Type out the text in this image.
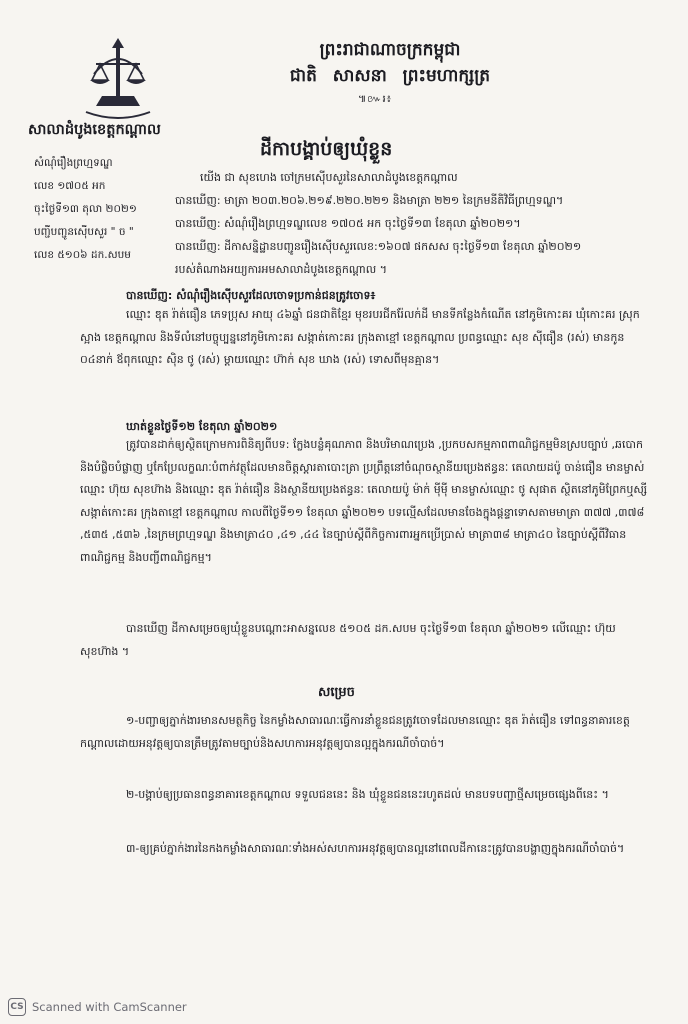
ព្រះរាជាណាចក្រកម្ពុជា
ជាតិ សាសនា ព្រះមហាក្សត្រ
៕៚៛៖
សាលាដំបូងខេត្តកណ្ដាល
ដីកាបង្គាប់ឲ្យឃុំខ្លួន
សំណុំរឿងព្រហ្មទណ្ឌ
លេខ ១៧០៥ អក
ចុះថ្ងៃទី១៣ តុលា ២០២១
បញ្ជីបញ្ជូនស៊ើបសួរ " ច "
លេខ ៥១០៦ ដក.សបម
យើង ជា សុខហេង ចៅក្រមស៊ើបសួរនៃសាលាដំបូងខេត្តកណ្ដាល
បានឃើញ: មាត្រា ២០៣.២០៦.២១៩.២២០.២២១ និងមាត្រា ២២១ នៃក្រមនីតិវិធីព្រហ្មទណ្ឌ។
បានឃើញ: សំណុំរឿងព្រហ្មទណ្ឌលេខ ១៧០៥ អក ចុះថ្ងៃទី១៣ ខែតុលា ឆ្នាំ២០២១។
បានឃើញ: ដីកាសន្និដ្ឋានបញ្ជូនរឿងស៊ើបសួរលេខ:១៦០៧ ផកសស ចុះថ្ងៃទី១៣ ខែតុលា ឆ្នាំ២០២១
របស់តំណាងអយ្យការអមសាលាដំបូងខេត្តកណ្ដាល ។
បានឃើញ: សំណុំរឿងស៊ើបសួរដែលចោទប្រកាន់ជនត្រូវចោទ៖
ឈ្មោះ ឌុត រ៉ាត់ធឿន ភេទប្រុស អាយុ ៤៦ឆ្នាំ ជនជាតិខ្មែរ មុខរបរជីករ៉ែលក់ដី មានទីកន្លែងកំណើត នៅភូមិកោះគរ ឃុំកោះគរ ស្រុកស្អាង ខេត្តកណ្ដាល និងទីលំនៅបច្ចុប្បន្ននៅភូមិកោះគរ សង្កាត់កោះគរ ក្រុងតាខ្មៅ ខេត្តកណ្ដាល ប្រពន្ធឈ្មោះ សុខ ស៊ីធឿន (រស់) មានកូន ០៤នាក់ ឪពុកឈ្មោះ ស៊ិន ថូ (រស់) ម្ដាយឈ្មោះ ហ៊ាក់ សុខ ឃាង (រស់) ទោសពីមុនគ្មាន។
ឃាត់ខ្លួនថ្ងៃទី១២ ខែតុលា ឆ្នាំ២០២១
ត្រូវបានដាក់ឲ្យស្ថិតក្រោមការពិនិត្យពីបទ: ក្លែងបន្លំគុណភាព និងបរិមាណប្រេង ,ប្រកបសកម្មភាពពាណិជ្ជកម្មមិនស្របច្បាប់ ,ឆបោក និងបំផ្លិចបំផ្លាញ ឬកែប្រែលក្ខណៈបំពាក់វត្ថុដែលមានចិត្តស្ដារតាបោះត្រា ប្រព្រឹត្តនៅចំណុចស្ថានីយប្រេងឥន្ធនៈ តេលាយដប៉ូ ចាន់ធឿន មានម្ចាស់ឈ្មោះ ហ៊ុយ សុខហ៊ាង និងឈ្មោះ ឌុត រ៉ាត់ធឿន និងស្ថានីយប្រេងឥន្ធនៈ តេលាយប៉ូ ម៉ាក់ ម៉ីមុី មានម្ចាស់ឈ្មោះ ថូ សុផាត ស្ថិតនៅភូមិព្រែកឬស្សី សង្កាត់កោះគរ ក្រុងតាខ្មៅ ខេត្តកណ្ដាល កាលពីថ្ងៃទី១១ ខែតុលា ឆ្នាំ២០២១ បទល្មើសដែលមានចែងក្នុងផ្ដន្ទាទោសតាមមាត្រា ៣៧៧ ,៣៧៨ ,៥៣៥ ,៥៣៦ ,នៃក្រមព្រហ្មទណ្ឌ និងមាត្រា៤០ ,៤១ ,៤៤ នៃច្បាប់ស្ដីពីកិច្ចការពារអ្នកប្រើប្រាស់ មាត្រា៣៨ មាត្រា៤០ នៃច្បាប់ស្ដីពីវិធានពាណិជ្ជកម្ម និងបញ្ជីពាណិជ្ជកម្ម។
បានឃើញ ដីកាសម្រេចឲ្យឃុំខ្លួនបណ្ដោះអាសន្នលេខ ៥១០៥ ដក.សបម ចុះថ្ងៃទី១៣ ខែតុលា ឆ្នាំ២០២១ លើឈ្មោះ ហ៊ុយ សុខហ៊ាង ។
សម្រេច
១-បញ្ជាឲ្យភ្នាក់ងារមានសមត្ថកិច្ច នៃកម្លាំងសាធារណៈធ្វើការនាំខ្លួនជនត្រូវចោទដែលមានឈ្មោះ ឌុត រ៉ាត់ធឿន ទៅពន្ធនាគារខេត្តកណ្ដាលដោយអនុវត្តឲ្យបានត្រឹមត្រូវតាមច្បាប់និងសហការអនុវត្តឲ្យបានល្អក្នុងករណីចាំបាច់។
២-បង្គាប់ឲ្យប្រធានពន្ធនាគារខេត្តកណ្ដាល ទទួលជននេះ និង ឃុំខ្លួនជននេះរហូតដល់ មានបទបញ្ជាថ្មីសម្រេចផ្សេងពីនេះ ។
៣-ឲ្យគ្រប់ភ្នាក់ងារនៃកងកម្លាំងសាធារណៈទាំងអស់សហការអនុវត្តឲ្យបានល្អនៅពេលដីកានេះត្រូវបានបង្ហាញក្នុងករណីចាំបាច់។
CS Scanned with CamScanner
